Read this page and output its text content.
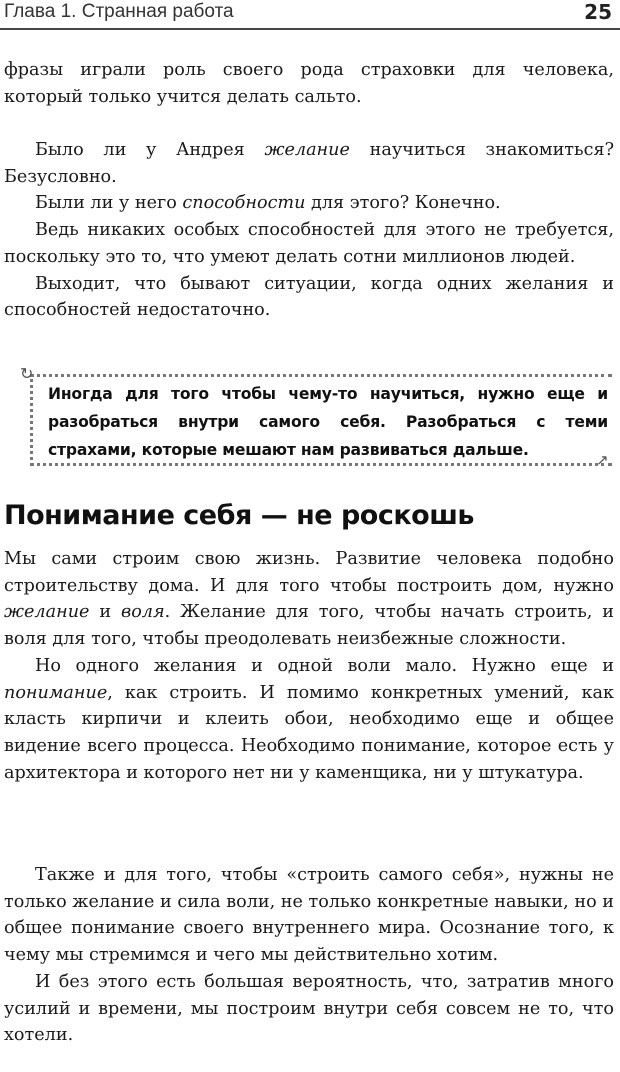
Глава 1. Странная работа	25

фразы играли роль своего рода страховки для человека, который только учится делать сальто.

Было ли у Андрея желание научиться знакомиться? Безусловно.

Были ли у него способности для этого? Конечно.

Ведь никаких особых способностей для этого не требуется, поскольку это то, что умеют делать сотни миллионов людей.

Выходит, что бывают ситуации, когда одних желания и способностей недостаточно.

↻
↗
Иногда для того чтобы чему-то научиться, нужно еще и разобраться внутри самого себя. Разобраться с теми страхами, которые мешают нам развиваться дальше.
Понимание себя — не роскошь

Мы сами строим свою жизнь. Развитие человека подобно строительству дома. И для того чтобы построить дом, нужно желание и воля. Желание для того, чтобы начать строить, и воля для того, чтобы преодолевать неизбежные сложности.

Но одного желания и одной воли мало. Нужно еще и понимание, как строить. И помимо конкретных умений, как класть кирпичи и клеить обои, необходимо еще и общее видение всего процесса. Необходимо понимание, которое есть у архитектора и которого нет ни у каменщика, ни у штукатура.

Также и для того, чтобы «строить самого себя», нужны не только желание и сила воли, не только конкретные навыки, но и общее понимание своего внутреннего мира. Осознание того, к чему мы стремимся и чего мы действительно хотим.

И без этого есть большая вероятность, что, затратив много усилий и времени, мы построим внутри себя совсем не то, что хотели.
